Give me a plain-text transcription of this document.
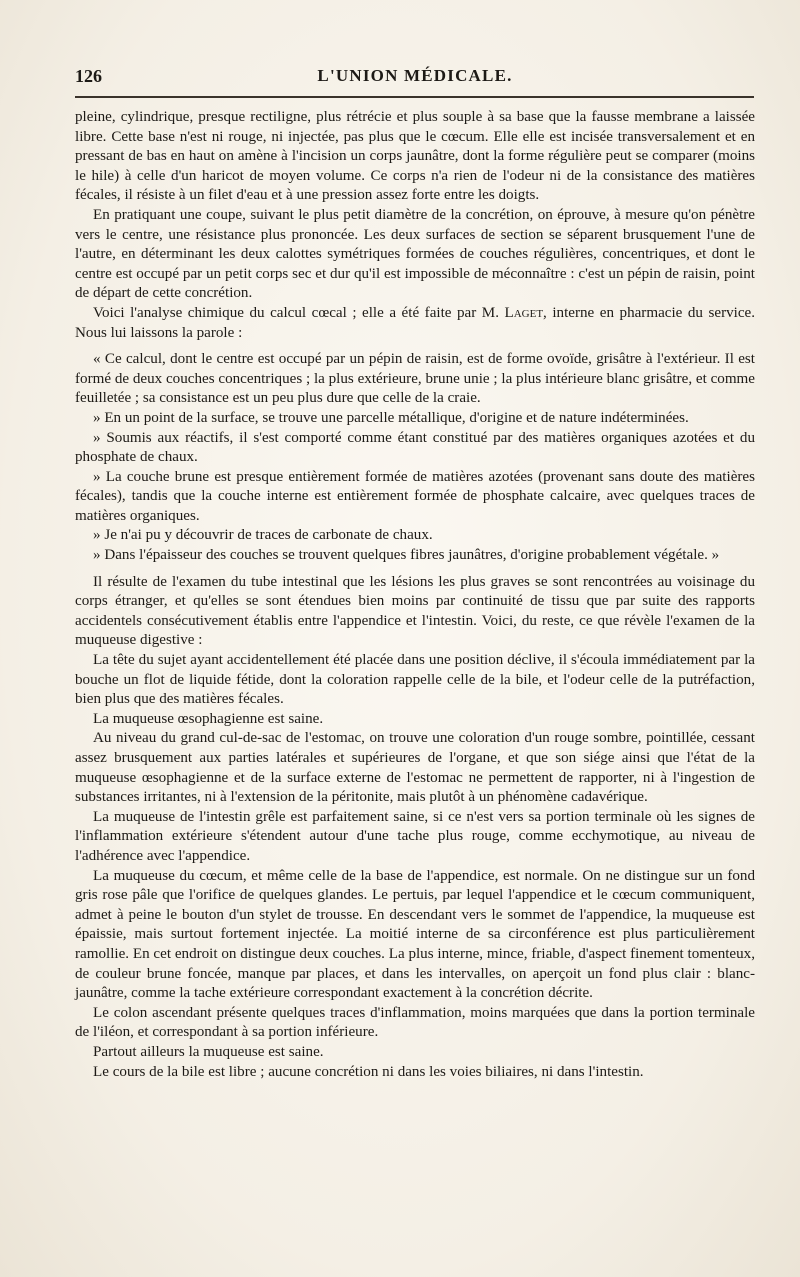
126	L'UNION MÉDICALE.

pleine, cylindrique, presque rectiligne, plus rétrécie et plus souple à sa base que la fausse membrane a laissée libre. Cette base n'est ni rouge, ni injectée, pas plus que le cœcum. Elle elle est incisée transversalement et en pressant de bas en haut on amène à l'incision un corps jaunâtre, dont la forme régulière peut se comparer (moins le hile) à celle d'un haricot de moyen volume. Ce corps n'a rien de l'odeur ni de la consistance des matières fécales, il résiste à un filet d'eau et à une pression assez forte entre les doigts.

En pratiquant une coupe, suivant le plus petit diamètre de la concrétion, on éprouve, à mesure qu'on pénètre vers le centre, une résistance plus prononcée. Les deux surfaces de section se séparent brusquement l'une de l'autre, en déterminant les deux calottes symétriques formées de couches régulières, concentriques, et dont le centre est occupé par un petit corps sec et dur qu'il est impossible de méconnaître : c'est un pépin de raisin, point de départ de cette concrétion.

Voici l'analyse chimique du calcul cœcal ; elle a été faite par M. Laget, interne en pharmacie du service. Nous lui laissons la parole :

« Ce calcul, dont le centre est occupé par un pépin de raisin, est de forme ovoïde, grisâtre à l'extérieur. Il est formé de deux couches concentriques ; la plus extérieure, brune unie ; la plus intérieure blanc grisâtre, et comme feuilletée ; sa consistance est un peu plus dure que celle de la craie.

» En un point de la surface, se trouve une parcelle métallique, d'origine et de nature indéterminées.

» Soumis aux réactifs, il s'est comporté comme étant constitué par des matières organiques azotées et du phosphate de chaux.

» La couche brune est presque entièrement formée de matières azotées (provenant sans doute des matières fécales), tandis que la couche interne est entièrement formée de phosphate calcaire, avec quelques traces de matières organiques.

» Je n'ai pu y découvrir de traces de carbonate de chaux.

» Dans l'épaisseur des couches se trouvent quelques fibres jaunâtres, d'origine probablement végétale. »

Il résulte de l'examen du tube intestinal que les lésions les plus graves se sont rencontrées au voisinage du corps étranger, et qu'elles se sont étendues bien moins par continuité de tissu que par suite des rapports accidentels consécutivement établis entre l'appendice et l'intestin. Voici, du reste, ce que révèle l'examen de la muqueuse digestive :

La tête du sujet ayant accidentellement été placée dans une position déclive, il s'écoula immédiatement par la bouche un flot de liquide fétide, dont la coloration rappelle celle de la bile, et l'odeur celle de la putréfaction, bien plus que des matières fécales.

La muqueuse œsophagienne est saine.

Au niveau du grand cul-de-sac de l'estomac, on trouve une coloration d'un rouge sombre, pointillée, cessant assez brusquement aux parties latérales et supérieures de l'organe, et que son siége ainsi que l'état de la muqueuse œsophagienne et de la surface externe de l'estomac ne permettent de rapporter, ni à l'ingestion de substances irritantes, ni à l'extension de la péritonite, mais plutôt à un phénomène cadavérique.

La muqueuse de l'intestin grêle est parfaitement saine, si ce n'est vers sa portion terminale où les signes de l'inflammation extérieure s'étendent autour d'une tache plus rouge, comme ecchymotique, au niveau de l'adhérence avec l'appendice.

La muqueuse du cœcum, et même celle de la base de l'appendice, est normale. On ne distingue sur un fond gris rose pâle que l'orifice de quelques glandes. Le pertuis, par lequel l'appendice et le cœcum communiquent, admet à peine le bouton d'un stylet de trousse. En descendant vers le sommet de l'appendice, la muqueuse est épaissie, mais surtout fortement injectée. La moitié interne de sa circonférence est plus particulièrement ramollie. En cet endroit on distingue deux couches. La plus interne, mince, friable, d'aspect finement tomenteux, de couleur brune foncée, manque par places, et dans les intervalles, on aperçoit un fond plus clair : blanc-jaunâtre, comme la tache extérieure correspondant exactement à la concrétion décrite.

Le colon ascendant présente quelques traces d'inflammation, moins marquées que dans la portion terminale de l'iléon, et correspondant à sa portion inférieure.

Partout ailleurs la muqueuse est saine.

Le cours de la bile est libre ; aucune concrétion ni dans les voies biliaires, ni dans l'intestin.
